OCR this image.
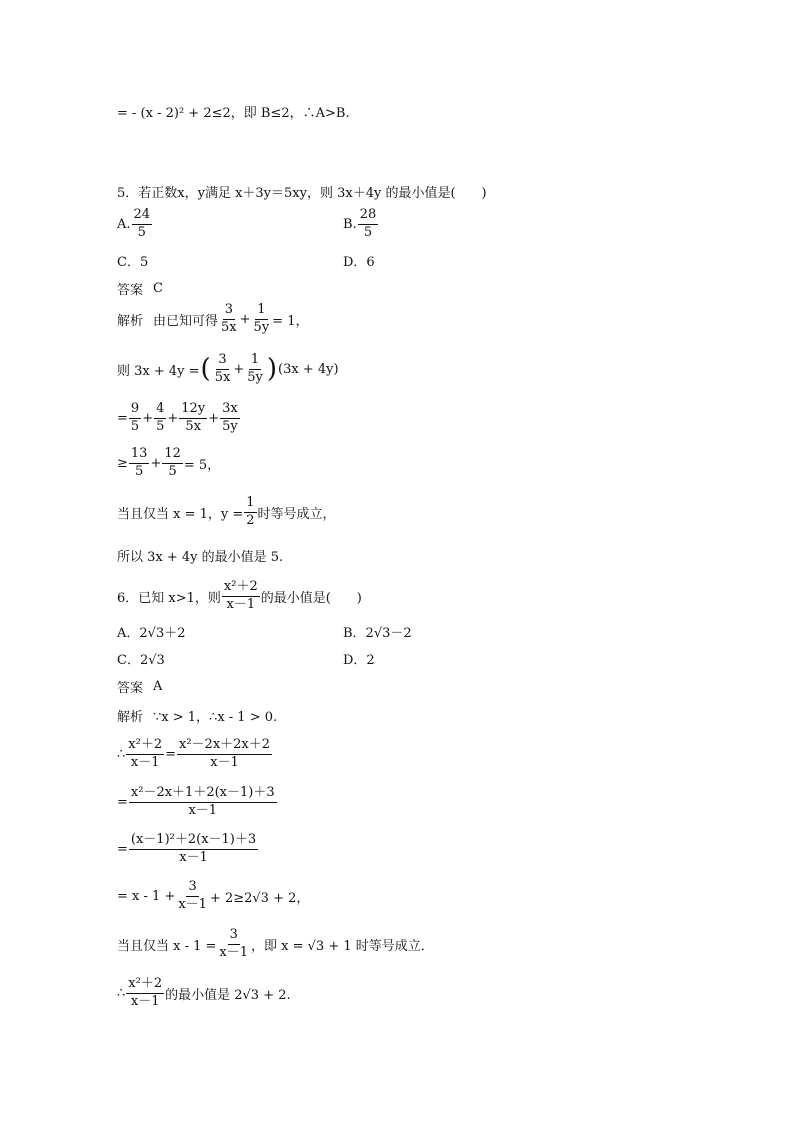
= - (x - 2)² + 2≤2，即 B≤2，∴A>B.
5．若正数x，y满足 x＋3y＝5xy，则 3x＋4y 的最小值是(　　)
A. $\frac{24}{5}$	B. $\frac{28}{5}$
C．5	D．6
答案 C
解析 由已知可得 $\frac{3}{5x} + \frac{1}{5y} = 1$，
则 3x + 4y = ( $\frac{3}{5x} + \frac{1}{5y}$ ) (3x + 4y)
= $\frac{9}{5} + \frac{4}{5} + \frac{12y}{5x} + \frac{3x}{5y}$
≥ $\frac{13}{5} + \frac{12}{5} = 5$，
当且仅当 x = 1，$y = \frac{1}{2}$ 时等号成立，
所以 3x + 4y 的最小值是 5.
6．已知 x>1，则 $\frac{\text{x²＋2}}{x-1}$ 的最小值是(　　)
A．2√3＋2	B．2√3－2
C．2√3	D．2
答案 A
解析 ∵x > 1，∴x - 1 > 0.
∴ $\frac{\text{x²＋2}}{x-1} = \frac{\text{x²－2x＋2x＋2}}{x-1}$
= $\frac{\text{x²－2x＋1＋2(x－1)＋3}}{x-1}$
= $\frac{\text{(x－1)²＋2(x－1)＋3}}{x-1}$
= $x - 1 + \frac{3}{x-1} + 2\ge 2√3 + 2$，
当且仅当 $x - 1 = \frac{3}{x-1}$ ，即 x = √3 + 1 时等号成立．
∴ $\frac{\text{x²＋2}}{x-1}$ 的最小值是 2√3 + 2.
